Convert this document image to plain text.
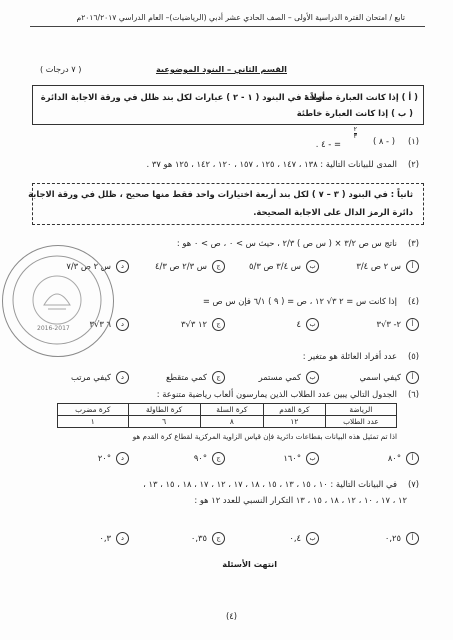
تابع / امتحان الفترة الدراسية الأولى – الصف الحادي عشر أدبي (الرياضيات)– العام الدراسي ٢٠١٦/٢٠١٧م
القسم الثاني – البنود الموضوعية
( ٧ درجات )
أولاً : في البنود ( ١ - ٢ ) عبارات لكل بند ظلل في ورقة الاجابة الدائرة
( أ ) إذا كانت العبارة صحيحة
( ب ) إذا كانت العبارة خاطئة
(١)
( - ٨ )
٢
٣
= - ٤ .
(٢)
المدى للبيانات التالية : ١٣٨ ، ١٤٧ ، ١٢٥ ، ١٥٧ ، ١٢٠ ، ١٤٢ ، ١٢٥ هو ٣٧ .
ثانياً : في البنود ( ٣ – ٧ ) لكل بند أربعة اختيارات واحد فقط منها صحيح ، ظلل في ورقة الاجابة
دائرة الرمز الدال على الاجابة الصحيحة.
(٣)
ناتج س ص ٣/٢ × ( س ص ) ٢/٣ ، حيث س > ٠ ، ص > ٠ هو :
أ
س ٢ ص ٣/٤
ب
س ٣/٤ ص ٥/٣
ج
س ٢/٣ ص ٤/٣
د
س ٢ ص ٧/٣
(٤)
إذا كانت س = ٢ ٣√ ١٢ ، ص = ( ٩ ) ٦/١ فإن س ص =
أ
٢- ٣√٣
ب
٤
ج
١٢ ٣√٣
د
٦ ٣√٣
(٥)
عدد أفراد العائلة هو متغير :
أ
كيفي اسمي
ب
كمي مستمر
ج
كمي متقطع
د
كيفي مرتب
(٦)
الجدول التالي يبين عدد الطلاب الذين يمارسون ألعاب رياضية متنوعة :
الرياضة	كرة القدم	كرة السلة	كرة الطاولة	كرة مضرب
عدد الطلاب	١٢	٨	٦	١
اذا تم تمثيل هذه البيانات بقطاعات دائرية فإن قياس الزاوية المركزية لقطاع كرة القدم هو
أ
°٨٠
ب
°١٦٠
ج
°٩٠
د
°٢٠
(٧)
في البيانات التالية : ١٠ ، ١٥ ، ١٣ ، ١٥ ، ١٨ ، ١٧ ، ١٢ ، ١٧ ، ١٨ ، ١٥ ، ١٣ ،
١٢ ، ١٧ ، ١٠ ، ١٢ ، ١٨ ، ١٥ ، ١٣ التكرار النسبي للعدد ١٢ هو :
أ
٠,٢٥
ب
٠,٤
ج
٠,٣٥
د
٠,٣
انتهت الأسئلة
(٤)
2016-2017
